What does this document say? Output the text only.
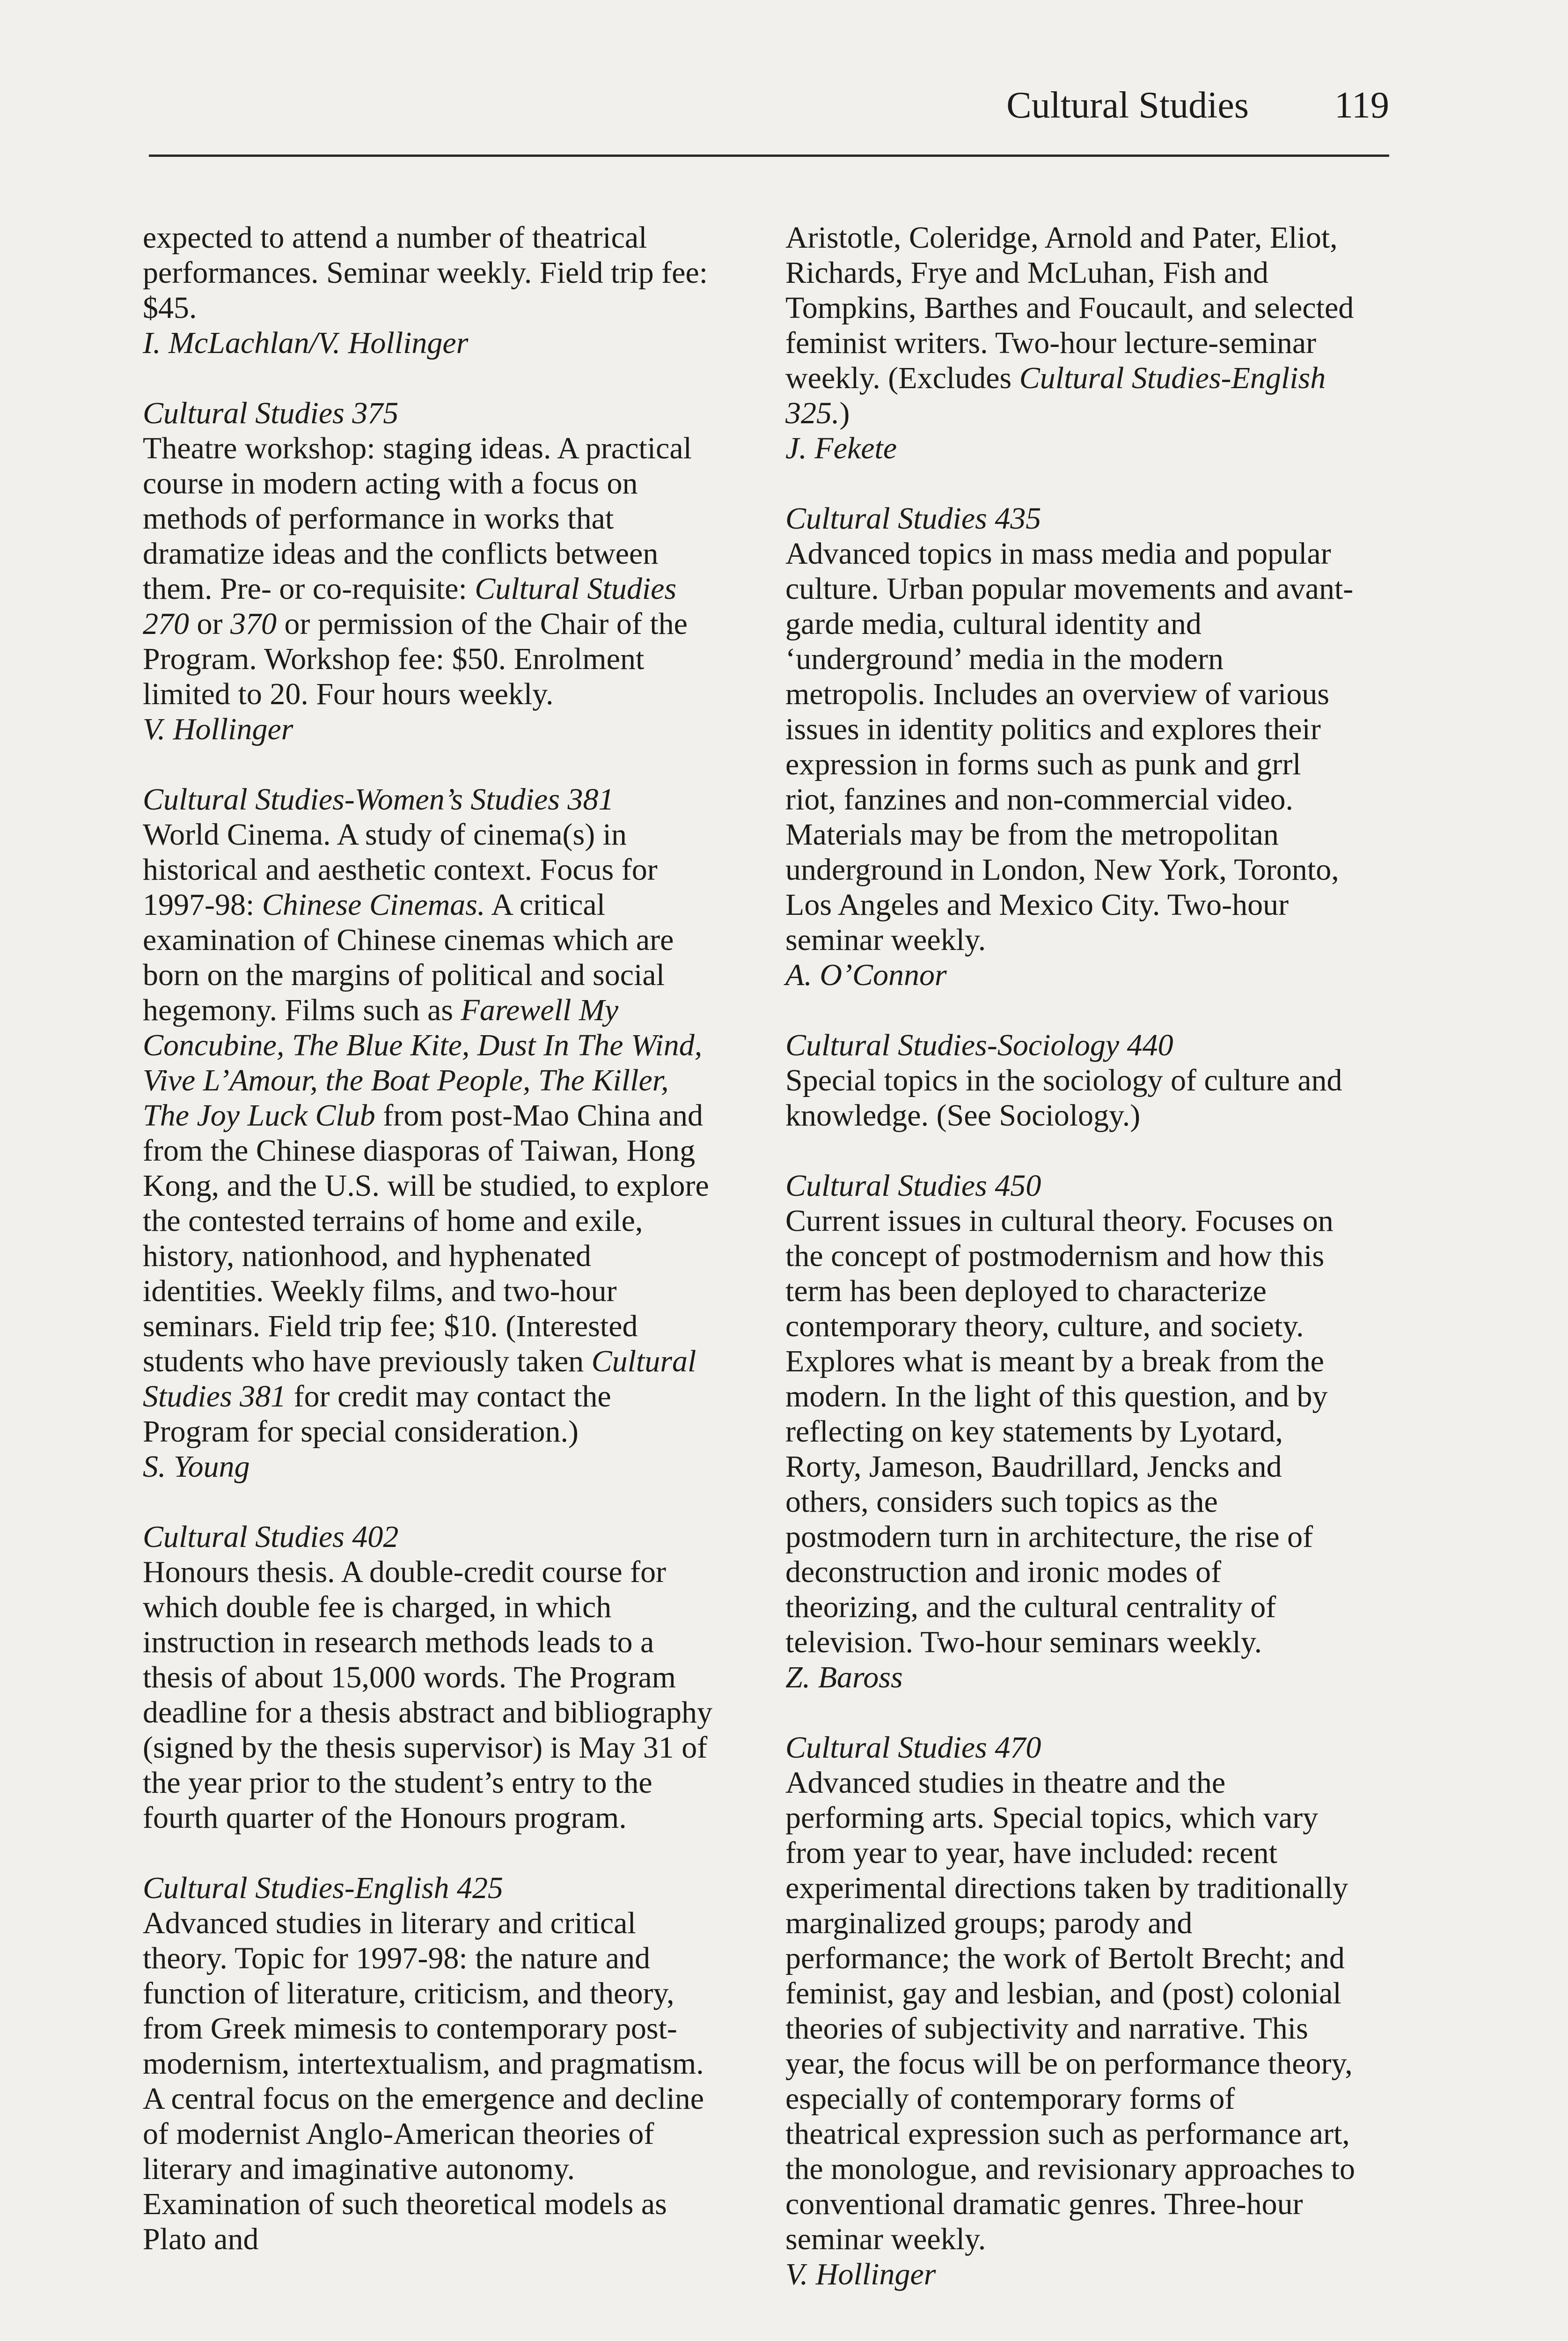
Cultural Studies 119

expected to attend a number of theatrical performances. Seminar weekly. Field trip fee: $45.

I. McLachlan/V. Hollinger

Cultural Studies 375

Theatre workshop: staging ideas. A practical course in modern acting with a focus on methods of performance in works that dramatize ideas and the conflicts between them. Pre- or co-requisite: Cultural Studies 270 or 370 or permission of the Chair of the Program. Workshop fee: $50. Enrolment limited to 20. Four hours weekly.

V. Hollinger

Cultural Studies-Women’s Studies 381

World Cinema. A study of cinema(s) in historical and aesthetic context. Focus for 1997-98: Chinese Cinemas. A critical examination of Chinese cinemas which are born on the margins of political and social hegemony. Films such as Farewell My Concubine, The Blue Kite, Dust In The Wind, Vive L’Amour, the Boat People, The Killer, The Joy Luck Club from post-Mao China and from the Chinese diasporas of Taiwan, Hong Kong, and the U.S. will be studied, to explore the contested terrains of home and exile, history, nationhood, and hyphenated identities. Weekly films, and two-hour seminars. Field trip fee; $10. (Interested students who have previously taken Cultural Studies 381 for credit may contact the Program for special consideration.)

S. Young

Cultural Studies 402

Honours thesis. A double-credit course for which double fee is charged, in which instruction in research methods leads to a thesis of about 15,000 words. The Program deadline for a thesis abstract and bibliography (signed by the thesis supervisor) is May 31 of the year prior to the student’s entry to the fourth quarter of the Honours program.

Cultural Studies-English 425

Advanced studies in literary and critical theory. Topic for 1997-98: the nature and function of literature, criticism, and theory, from Greek mimesis to contemporary post-modernism, intertextualism, and pragmatism. A central focus on the emergence and decline of modernist Anglo-American theories of literary and imaginative autonomy. Examination of such theoretical models as Plato and

Aristotle, Coleridge, Arnold and Pater, Eliot, Richards, Frye and McLuhan, Fish and Tompkins, Barthes and Foucault, and selected feminist writers. Two-hour lecture-seminar weekly. (Excludes Cultural Studies-English 325.)

J. Fekete

Cultural Studies 435

Advanced topics in mass media and popular culture. Urban popular movements and avant-garde media, cultural identity and ‘underground’ media in the modern metropolis. Includes an overview of various issues in identity politics and explores their expression in forms such as punk and grrl riot, fanzines and non-commercial video. Materials may be from the metropolitan underground in London, New York, Toronto, Los Angeles and Mexico City. Two-hour seminar weekly.

A. O’Connor

Cultural Studies-Sociology 440

Special topics in the sociology of culture and knowledge. (See Sociology.)

Cultural Studies 450

Current issues in cultural theory. Focuses on the concept of postmodernism and how this term has been deployed to characterize contemporary theory, culture, and society. Explores what is meant by a break from the modern. In the light of this question, and by reflecting on key statements by Lyotard, Rorty, Jameson, Baudrillard, Jencks and others, considers such topics as the postmodern turn in architecture, the rise of deconstruction and ironic modes of theorizing, and the cultural centrality of television. Two-hour seminars weekly.

Z. Baross

Cultural Studies 470

Advanced studies in theatre and the performing arts. Special topics, which vary from year to year, have included: recent experimental directions taken by traditionally marginalized groups; parody and performance; the work of Bertolt Brecht; and feminist, gay and lesbian, and (post) colonial theories of subjectivity and narrative. This year, the focus will be on performance theory, especially of contemporary forms of theatrical expression such as performance art, the monologue, and revisionary approaches to conventional dramatic genres. Three-hour seminar weekly.

V. Hollinger
